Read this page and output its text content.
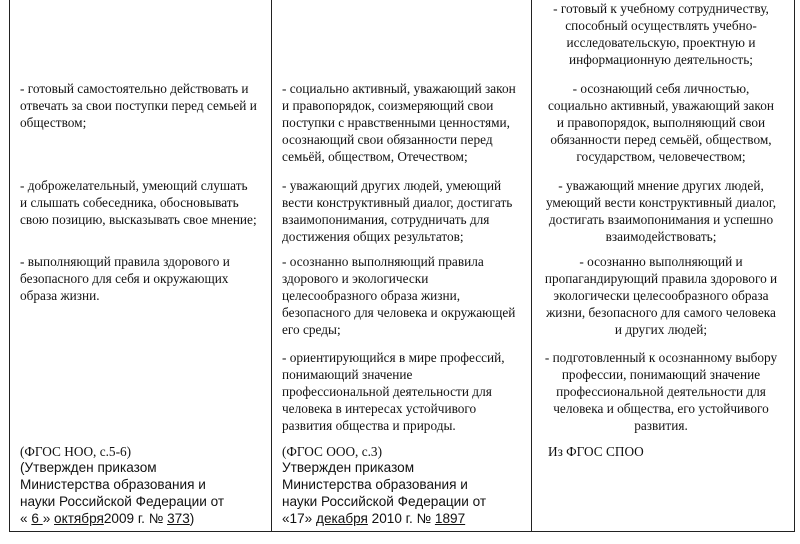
- готовый самостоятельно действовать и
отвечать за свои поступки перед семьей и
обществом;

- доброжелательный, умеющий слушать
и слышать собеседника, обосновывать
свою позицию, высказывать свое мнение;

- выполняющий правила здорового и
безопасного для себя и окружающих
образа жизни.

(ФГОС НОО, с.5-6)

(Утвержден приказом

Министерства образования и

науки Российской Федерации от

« 6 » октября2009 г. № 373)

- социально активный, уважающий закон
и правопорядок, соизмеряющий свои
поступки с нравственными ценностями,
осознающий свои обязанности перед
семьёй, обществом, Отечеством;

- уважающий других людей, умеющий
вести конструктивный диалог, достигать
взаимопонимания, сотрудничать для
достижения общих результатов;

- осознанно выполняющий правила
здорового и экологически
целесообразного образа жизни,
безопасного для человека и окружающей
его среды;

- ориентирующийся в мире профессий,
понимающий значение
профессиональной деятельности для
человека в интересах устойчивого
развития общества и природы.

(ФГОС ООО, с.3)

Утвержден приказом

Министерства образования и

науки Российской Федерации от

«17» декабря 2010 г. № 1897

- готовый к учебному сотрудничеству,
способный осуществлять учебно-
исследовательскую, проектную и
информационную деятельность;

- осознающий себя личностью,
социально активный, уважающий закон
и правопорядок, выполняющий свои
обязанности перед семьёй, обществом,
государством, человечеством;

- уважающий мнение других людей,
умеющий вести конструктивный диалог,
достигать взаимопонимания и успешно
взаимодействовать;

- осознанно выполняющий и
пропагандирующий правила здорового и
экологически целесообразного образа
жизни, безопасного для самого человека
и других людей;

- подготовленный к осознанному выбору
профессии, понимающий значение
профессиональной деятельности для
человека и общества, его устойчивого
развития.

Из ФГОС СПОО
